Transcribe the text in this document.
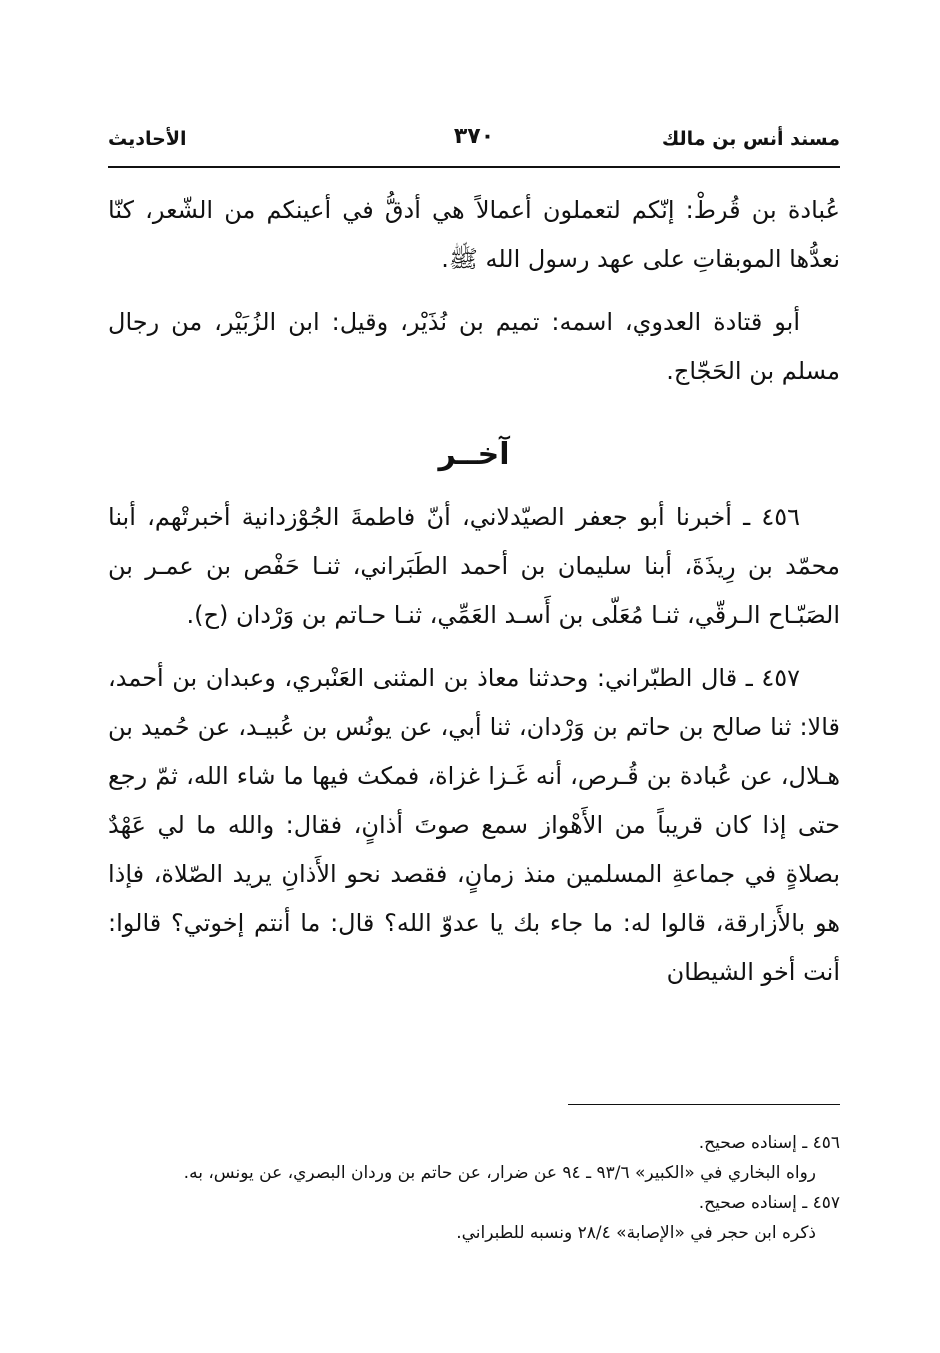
مسند أنس بن مالك
٣٧٠
الأحاديث

عُبادة بن قُرطْ: إنّكم لتعملون أعمالاً هي أدقُّ في أعينكم من الشّعر، كنّا نعدُّها الموبقاتِ على عهد رسول الله ﷺ.

أبو قتادة العدوي، اسمه: تميم بن نُذَيْر، وقيل: ابن الزُبَيْر، من رجال مسلم بن الحَجّاج.

آخــر

٤٥٦ ـ أخبرنا أبو جعفر الصيّدلاني، أنّ فاطمةَ الجُوْزدانية أخبرتْهم، أبنا محمّد بن رِيذَةَ، أبنا سليمان بن أحمد الطَبَراني، ثنـا حَفْص بن عمـر بن الصَبّـاح الـرقّي، ثنـا مُعَلّى بن أَسـد العَمِّي، ثنـا حـاتم بن وَرْدان (ح).

٤٥٧ ـ قال الطبّراني: وحدثنا معاذ بن المثنى العَنْبري، وعبدان بن أحمد، قالا: ثنا صالح بن حاتم بن وَرْدان، ثنا أبي، عن يونُس بن عُبيـد، عن حُميد بن هـلال، عن عُبادة بن قُـرص، أنه غَـزا غزاة، فمكث فيها ما شاء الله، ثمّ رجع حتى إذا كان قريباً من الأَهْواز سمع صوتَ أذانٍ، فقال: والله ما لي عَهْدٌ بصلاةٍ في جماعةِ المسلمين منذ زمانٍ، فقصد نحو الأَذانِ يريد الصّلاة، فإذا هو بالأَزارقة، قالوا له: ما جاء بك يا عدوّ الله؟ قال: ما أنتم إخوتي؟ قالوا: أنت أخو الشيطان

٤٥٦ ـ إسناده صحيح.

رواه البخاري في «الكبير» ٩٣/٦ ـ ٩٤ عن ضرار، عن حاتم بن وردان البصري، عن يونس، به.

٤٥٧ ـ إسناده صحيح.

ذكره ابن حجر في «الإصابة» ٢٨/٤ ونسبه للطبراني.
